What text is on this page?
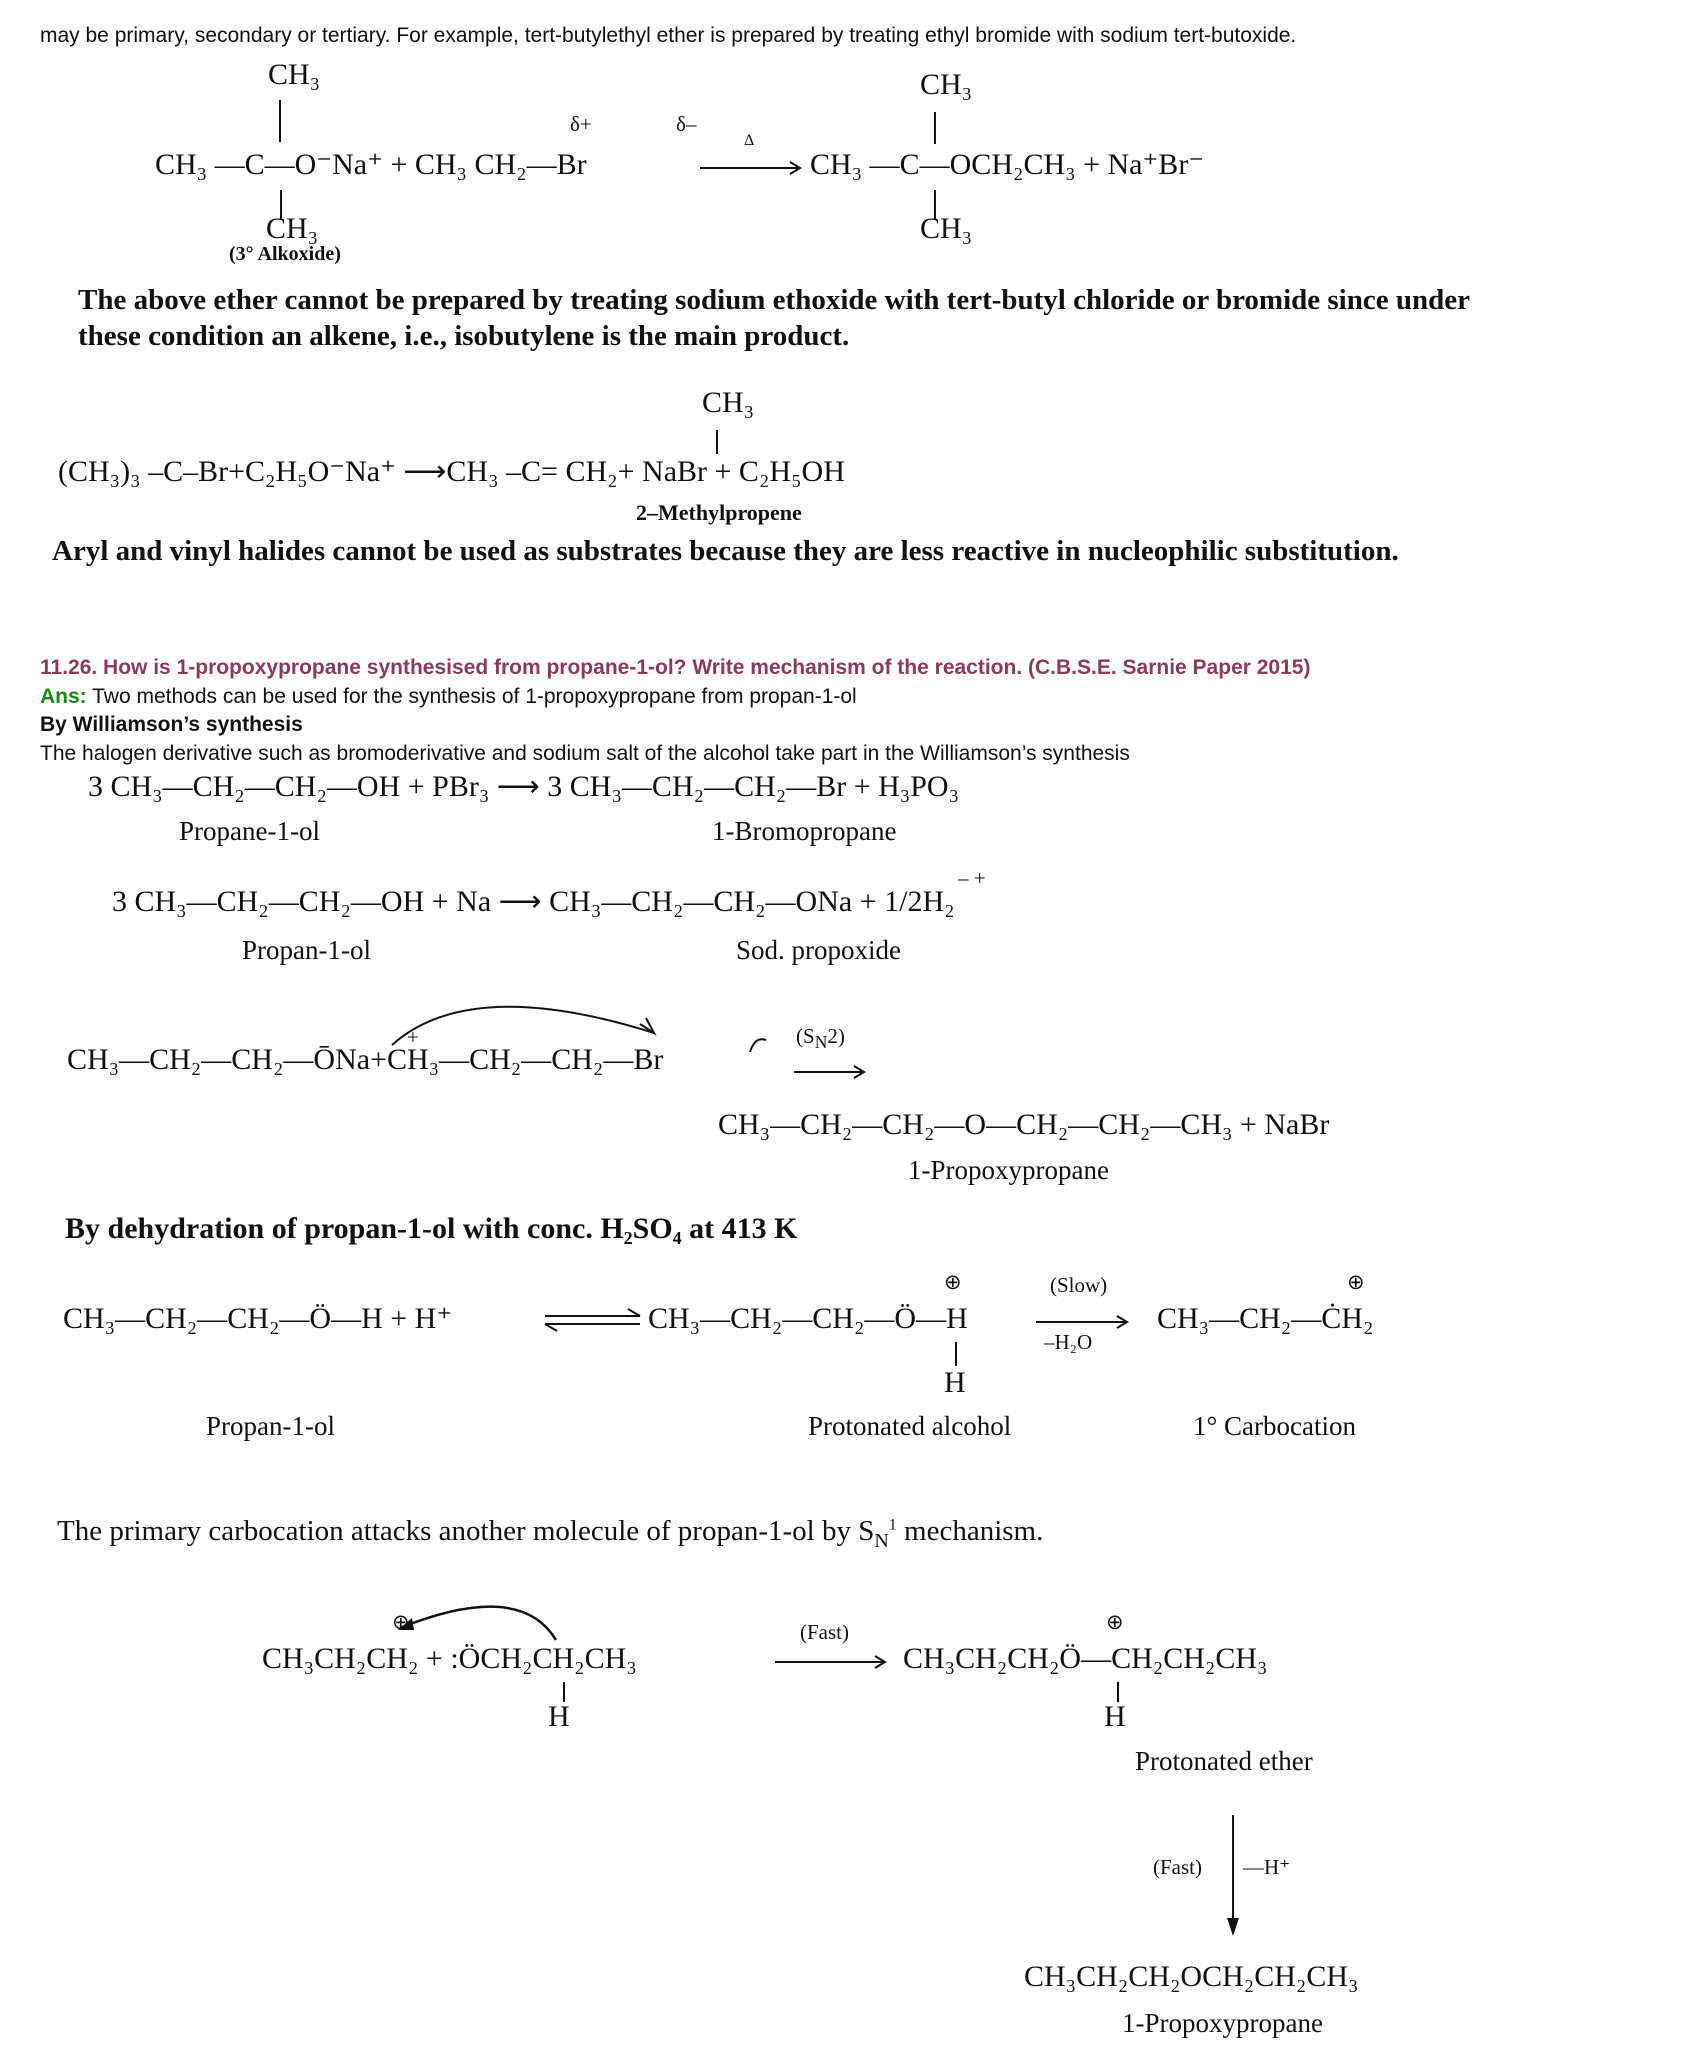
may be primary, secondary or tertiary. For example, tert-butylethyl ether is prepared by treating ethyl bromide with sodium tert-butoxide.
CH₃
δ+	δ–
CH₃ —C—O⁻Na⁺ + CH₃ CH₂—Br
Δ
CH₃ —C—OCH₂CH₃ + Na⁺Br⁻
CH₃
(3° Alkoxide)
CH₃
CH₃
The above ether cannot be prepared by treating sodium ethoxide with tert-butyl chloride or bromide since under these condition an alkene, i.e., isobutylene is the main product.
CH₃
(CH₃)₃ –C–Br+C₂H₅O⁻Na⁺ ⟶CH₃ –C= CH₂+ NaBr + C₂H₅OH
2–Methylpropene
Aryl and vinyl halides cannot be used as substrates because they are less reactive in nucleophilic substitution.
11.26. How is 1-propoxypropane synthesised from propane-1-ol? Write mechanism of the reaction. (C.B.S.E. Sarnie Paper 2015)
Ans: Two methods can be used for the synthesis of 1-propoxypropane from propan-1-ol
By Williamson’s synthesis
The halogen derivative such as bromoderivative and sodium salt of the alcohol take part in the Williamson’s synthesis
3 CH₃—CH₂—CH₂—OH + PBr₃ ⟶ 3 CH₃—CH₂—CH₂—Br + H₃PO₃
Propane-1-ol	1-Bromopropane
– +
3 CH₃—CH₂—CH₂—OH + Na ⟶ CH₃—CH₂—CH₂—ONa + 1/2H₂
Propan-1-ol	Sod. propoxide
+
CH₃—CH₂—CH₂—ŌNa+CH₃—CH₂—CH₂—Br
$(S_N2)$
CH₃—CH₂—CH₂—O—CH₂—CH₂—CH₃ + NaBr
1-Propoxypropane
By dehydration of propan-1-ol with conc. H₂SO₄ at 413 K
CH₃—CH₂—CH₂—Ö—H + H⁺	CH₃—CH₂—CH₂—Ö—H
⊕
H
(Slow)
–H₂O
CH₃—CH₂—ĊH₂
⊕
Propan-1-ol	Protonated alcohol	1° Carbocation
The primary carbocation attacks another molecule of propan-1-ol by $S_N^1$ mechanism.
⊕
CH₃CH₂CH₂ + :ÖCH₂CH₂CH₃
H
(Fast)
CH₃CH₂CH₂Ö—CH₂CH₂CH₃
⊕
H
Protonated ether
(Fast) —H⁺
CH₃CH₂CH₂OCH₂CH₂CH₃
1-Propoxypropane
